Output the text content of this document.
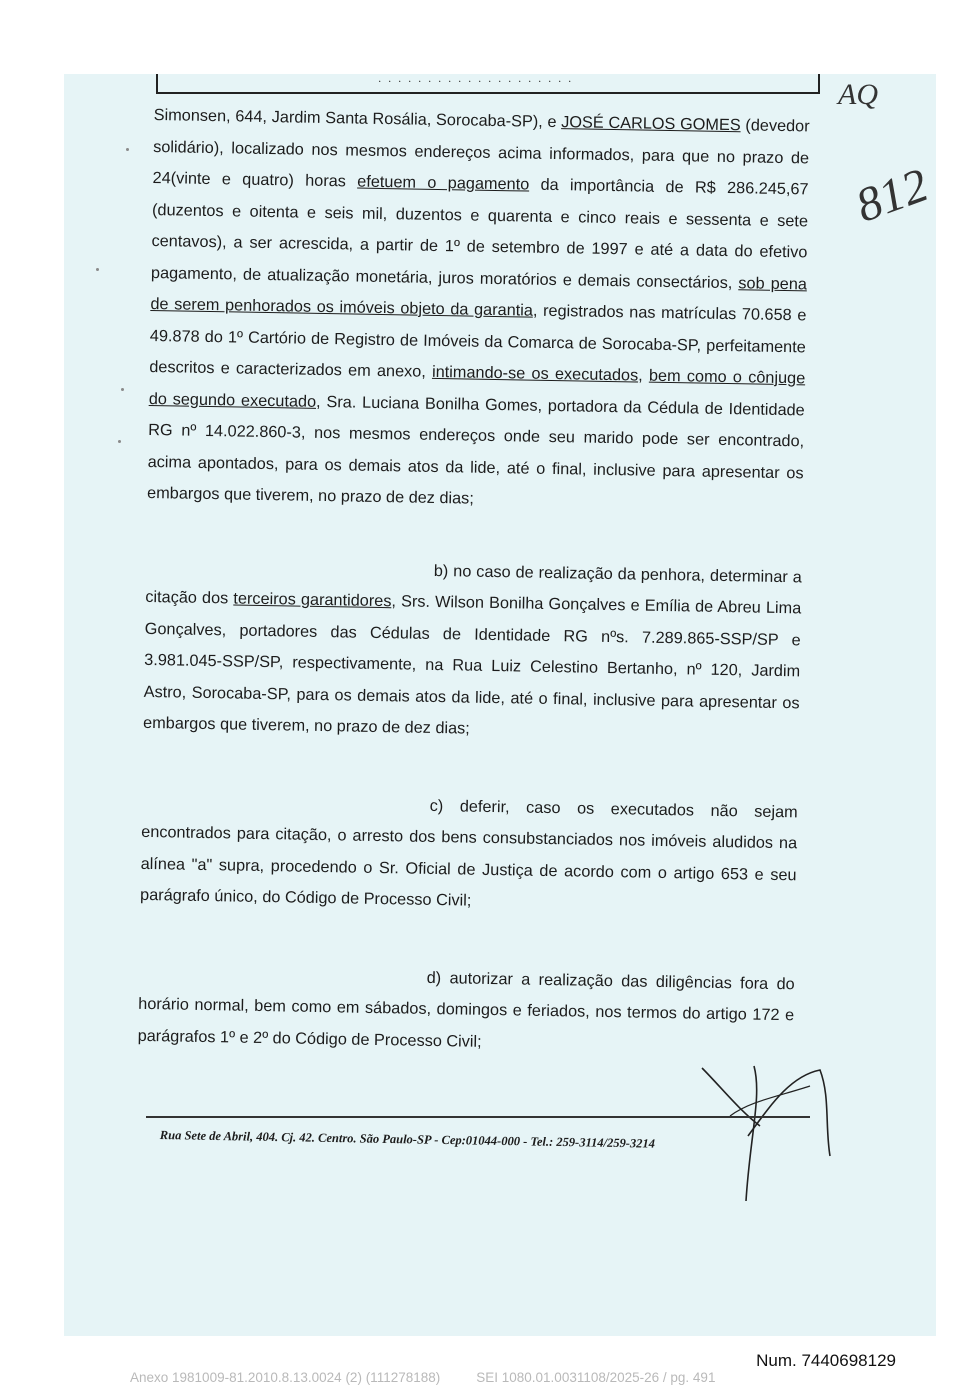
· · · · · · · · · · · · · · · · · · · ·

Simonsen, 644, Jardim Santa Rosália, Sorocaba-SP), e JOSÉ CARLOS GOMES (devedor solidário), localizado nos mesmos endereços acima informados, para que no prazo de 24(vinte e quatro) horas efetuem o pagamento da importância de R$ 286.245,67 (duzentos e oitenta e seis mil, duzentos e quarenta e cinco reais e sessenta e sete centavos), a ser acrescida, a partir de 1º de setembro de 1997 e até a data do efetivo pagamento, de atualização monetária, juros moratórios e demais consectários, sob pena de serem penhorados os imóveis objeto da garantia, registrados nas matrículas 70.658 e 49.878 do 1º Cartório de Registro de Imóveis da Comarca de Sorocaba-SP, perfeitamente descritos e caracterizados em anexo, intimando-se os executados, bem como o cônjuge do segundo executado, Sra. Luciana Bonilha Gomes, portadora da Cédula de Identidade RG nº 14.022.860-3, nos mesmos endereços onde seu marido pode ser encontrado, acima apontados, para os demais atos da lide, até o final, inclusive para apresentar os embargos que tiverem, no prazo de dez dias;

b) no caso de realização da penhora, determinar a citação dos terceiros garantidores, Srs. Wilson Bonilha Gonçalves e Emília de Abreu Lima Gonçalves, portadores das Cédulas de Identidade RG nºs. 7.289.865-SSP/SP e 3.981.045-SSP/SP, respectivamente, na Rua Luiz Celestino Bertanho, nº 120, Jardim Astro, Sorocaba-SP, para os demais atos da lide, até o final, inclusive para apresentar os embargos que tiverem, no prazo de dez dias;

c) deferir, caso os executados não sejam encontrados para citação, o arresto dos bens consubstanciados nos imóveis aludidos na alínea "a" supra, procedendo o Sr. Oficial de Justiça de acordo com o artigo 653 e seu parágrafo único, do Código de Processo Civil;

d) autorizar a realização das diligências fora do horário normal, bem como em sábados, domingos e feriados, nos termos do artigo 172 e parágrafos 1º e 2º do Código de Processo Civil;

AQ
812
Rua Sete de Abril, 404. Cj. 42. Centro. São Paulo-SP - Cep:01044-000 - Tel.: 259-3114/259-3214
Num. 7440698129
Anexo 1981009-81.2010.8.13.0024 (2) (111278188)	SEI 1080.01.0031108/2025-26 / pg. 491
